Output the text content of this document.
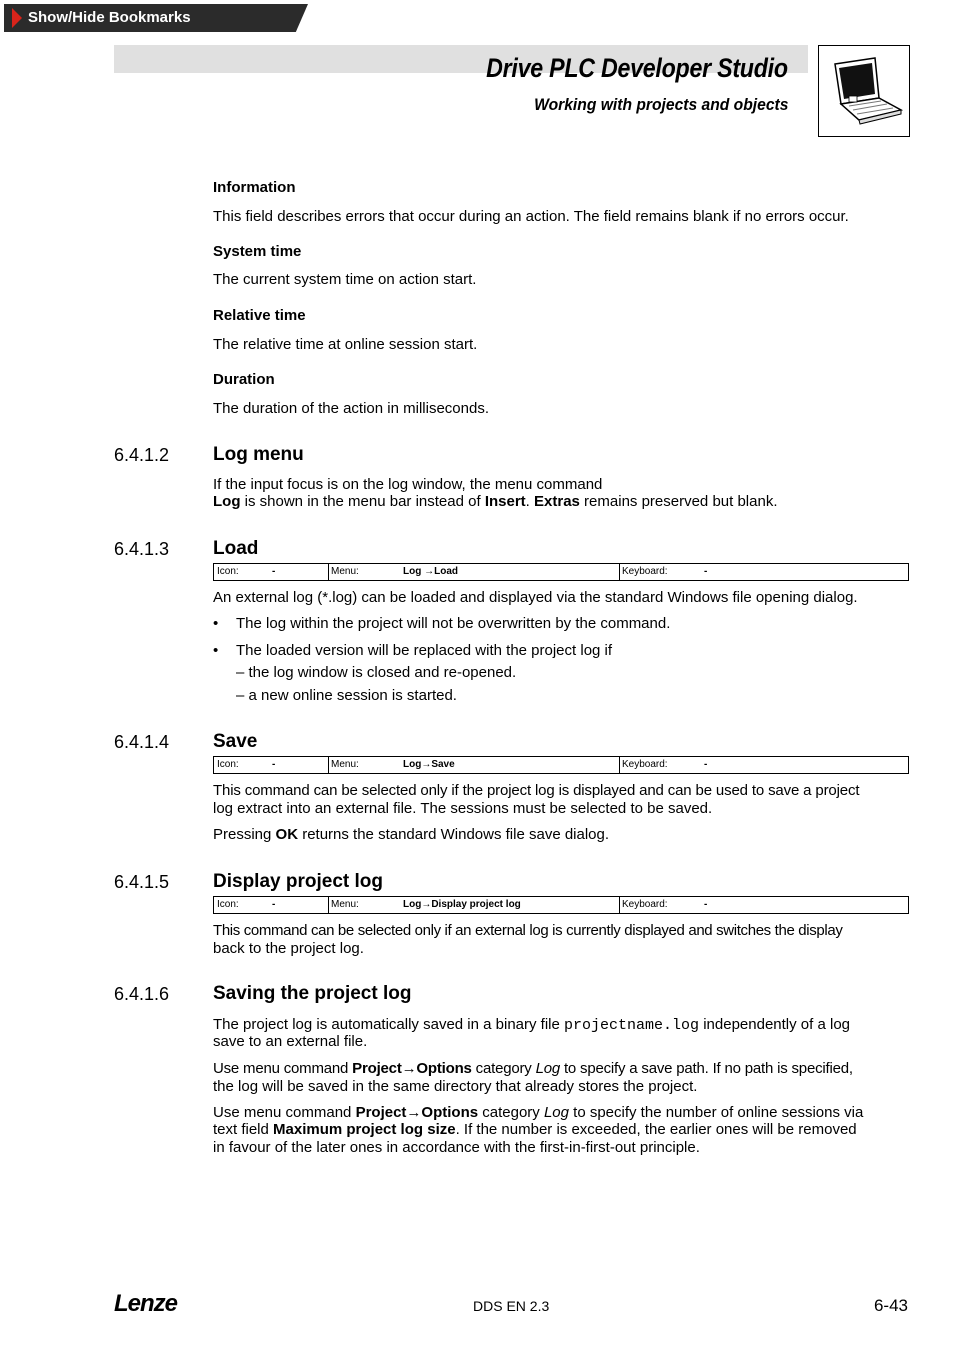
Show/Hide Bookmarks
Drive PLC Developer Studio
Working with projects and objects
Information
This field describes errors that occur during an action. The field remains blank if no errors occur.
System time
The current system time on action start.
Relative time
The relative time at online session start.
Duration
The duration of the action in milliseconds.
6.4.1.2 Log menu
If the input focus is on the log window, the menu command
Log is shown in the menu bar instead of Insert. Extras remains preserved but blank.
6.4.1.3 Load
Icon:	-	Menu:	Log →Load	Keyboard:	-
An external log (*.log) can be loaded and displayed via the standard Windows file opening dialog.
• The log within the project will not be overwritten by the command.
• The loaded version will be replaced with the project log if
– the log window is closed and re-opened.
– a new online session is started.
6.4.1.4 Save
Icon:	-	Menu:	Log→Save	Keyboard:	-
This command can be selected only if the project log is displayed and can be used to save a project
log extract into an external file. The sessions must be selected to be saved.
Pressing OK returns the standard Windows file save dialog.
6.4.1.5 Display project log
Icon:	-	Menu:	Log→Display project log	Keyboard:	-
This command can be selected only if an external log is currently displayed and switches the display
back to the project log.
6.4.1.6 Saving the project log
The project log is automatically saved in a binary file projectname.log independently of a log
save to an external file.
Use menu command Project→Options category Log to specify a save path. If no path is specified,
the log will be saved in the same directory that already stores the project.
Use menu command Project→Options category Log to specify the number of online sessions via
text field Maximum project log size. If the number is exceeded, the earlier ones will be removed
in favour of the later ones in accordance with the first-in-first-out principle.
Lenze	DDS EN 2.3	6-43
